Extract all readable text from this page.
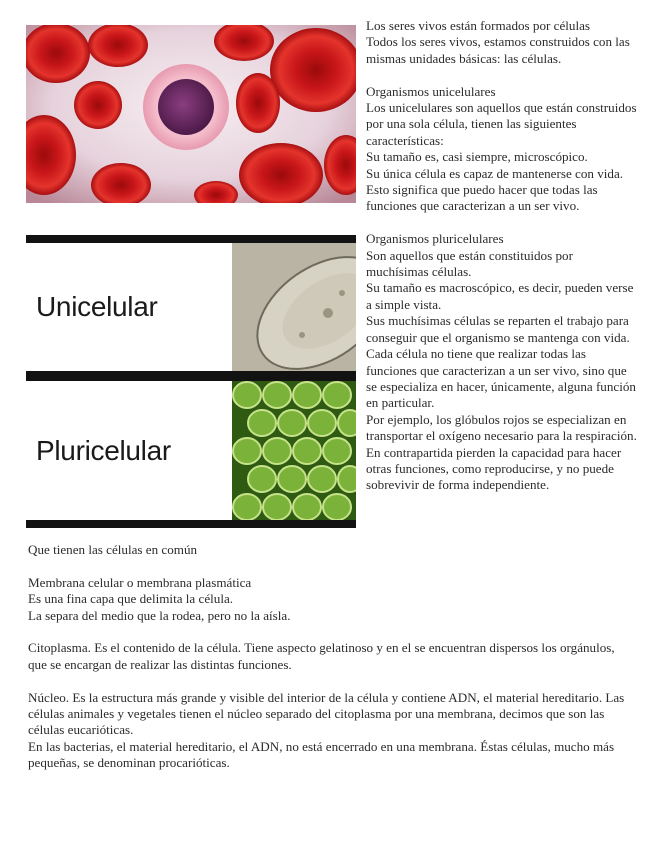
Unicelular
Pluricelular

Los seres vivos están formados por células

Todos los seres vivos, estamos construidos con las mismas unidades básicas: las células.

Organismos unicelulares

Los unicelulares son aquellos que están construidos por una sola célula, tienen las siguientes características:

Su tamaño es, casi siempre, microscópico.

Su única célula es capaz de mantenerse con vida. Esto significa que puedo hacer que todas las funciones que caracterizan a un ser vivo.

Organismos pluricelulares

Son aquellos que están constituidos por muchísimas células.

Su tamaño es macroscópico, es decir, pueden verse a simple vista.

Sus muchísimas células se reparten el trabajo para conseguir que el organismo se mantenga con vida. Cada célula no tiene que realizar todas las funciones que caracterizan a un ser vivo, sino que se especializa en hacer, únicamente, alguna función en particular.

Por ejemplo, los glóbulos rojos se especializan en transportar el oxígeno necesario para la respiración. En contrapartida pierden la capacidad para hacer otras funciones, como reproducirse, y no puede sobrevivir de forma independiente.

Que tienen las células en común

Membrana celular o membrana plasmática

Es una fina capa que delimita la célula.

La separa del medio que la rodea, pero no la aísla.

Citoplasma. Es el contenido de la célula. Tiene aspecto gelatinoso y en el se encuentran dispersos los orgánulos, que se encargan de realizar las distintas funciones.

Núcleo. Es la estructura más grande y visible del interior de la célula y contiene ADN, el material hereditario. Las células animales y vegetales tienen el núcleo separado del citoplasma por una membrana, decimos que son las células eucarióticas.

En las bacterias, el material hereditario, el ADN, no está encerrado en una membrana. Éstas células, mucho más pequeñas, se denominan procarióticas.
